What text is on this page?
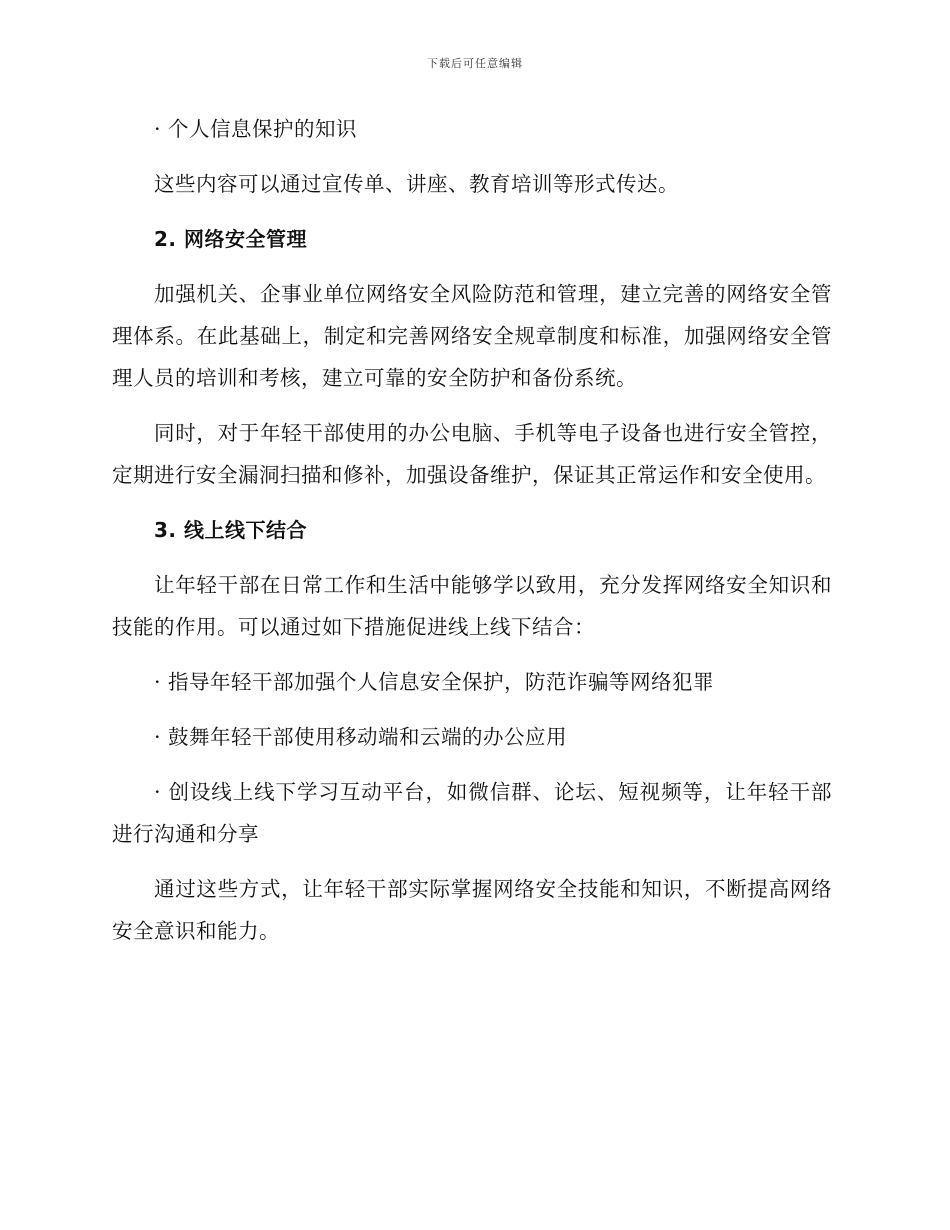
下载后可任意编辑

· 个人信息保护的知识

这些内容可以通过宣传单、讲座、教育培训等形式传达。

2. 网络安全管理

加强机关、企事业单位网络安全风险防范和管理，建立完善的网络安全管理体系。在此基础上，制定和完善网络安全规章制度和标准，加强网络安全管理人员的培训和考核，建立可靠的安全防护和备份系统。

同时，对于年轻干部使用的办公电脑、手机等电子设备也进行安全管控，定期进行安全漏洞扫描和修补，加强设备维护，保证其正常运作和安全使用。

3. 线上线下结合

让年轻干部在日常工作和生活中能够学以致用，充分发挥网络安全知识和技能的作用。可以通过如下措施促进线上线下结合：

· 指导年轻干部加强个人信息安全保护，防范诈骗等网络犯罪

· 鼓舞年轻干部使用移动端和云端的办公应用

· 创设线上线下学习互动平台，如微信群、论坛、短视频等，让年轻干部进行沟通和分享

通过这些方式，让年轻干部实际掌握网络安全技能和知识，不断提高网络安全意识和能力。
